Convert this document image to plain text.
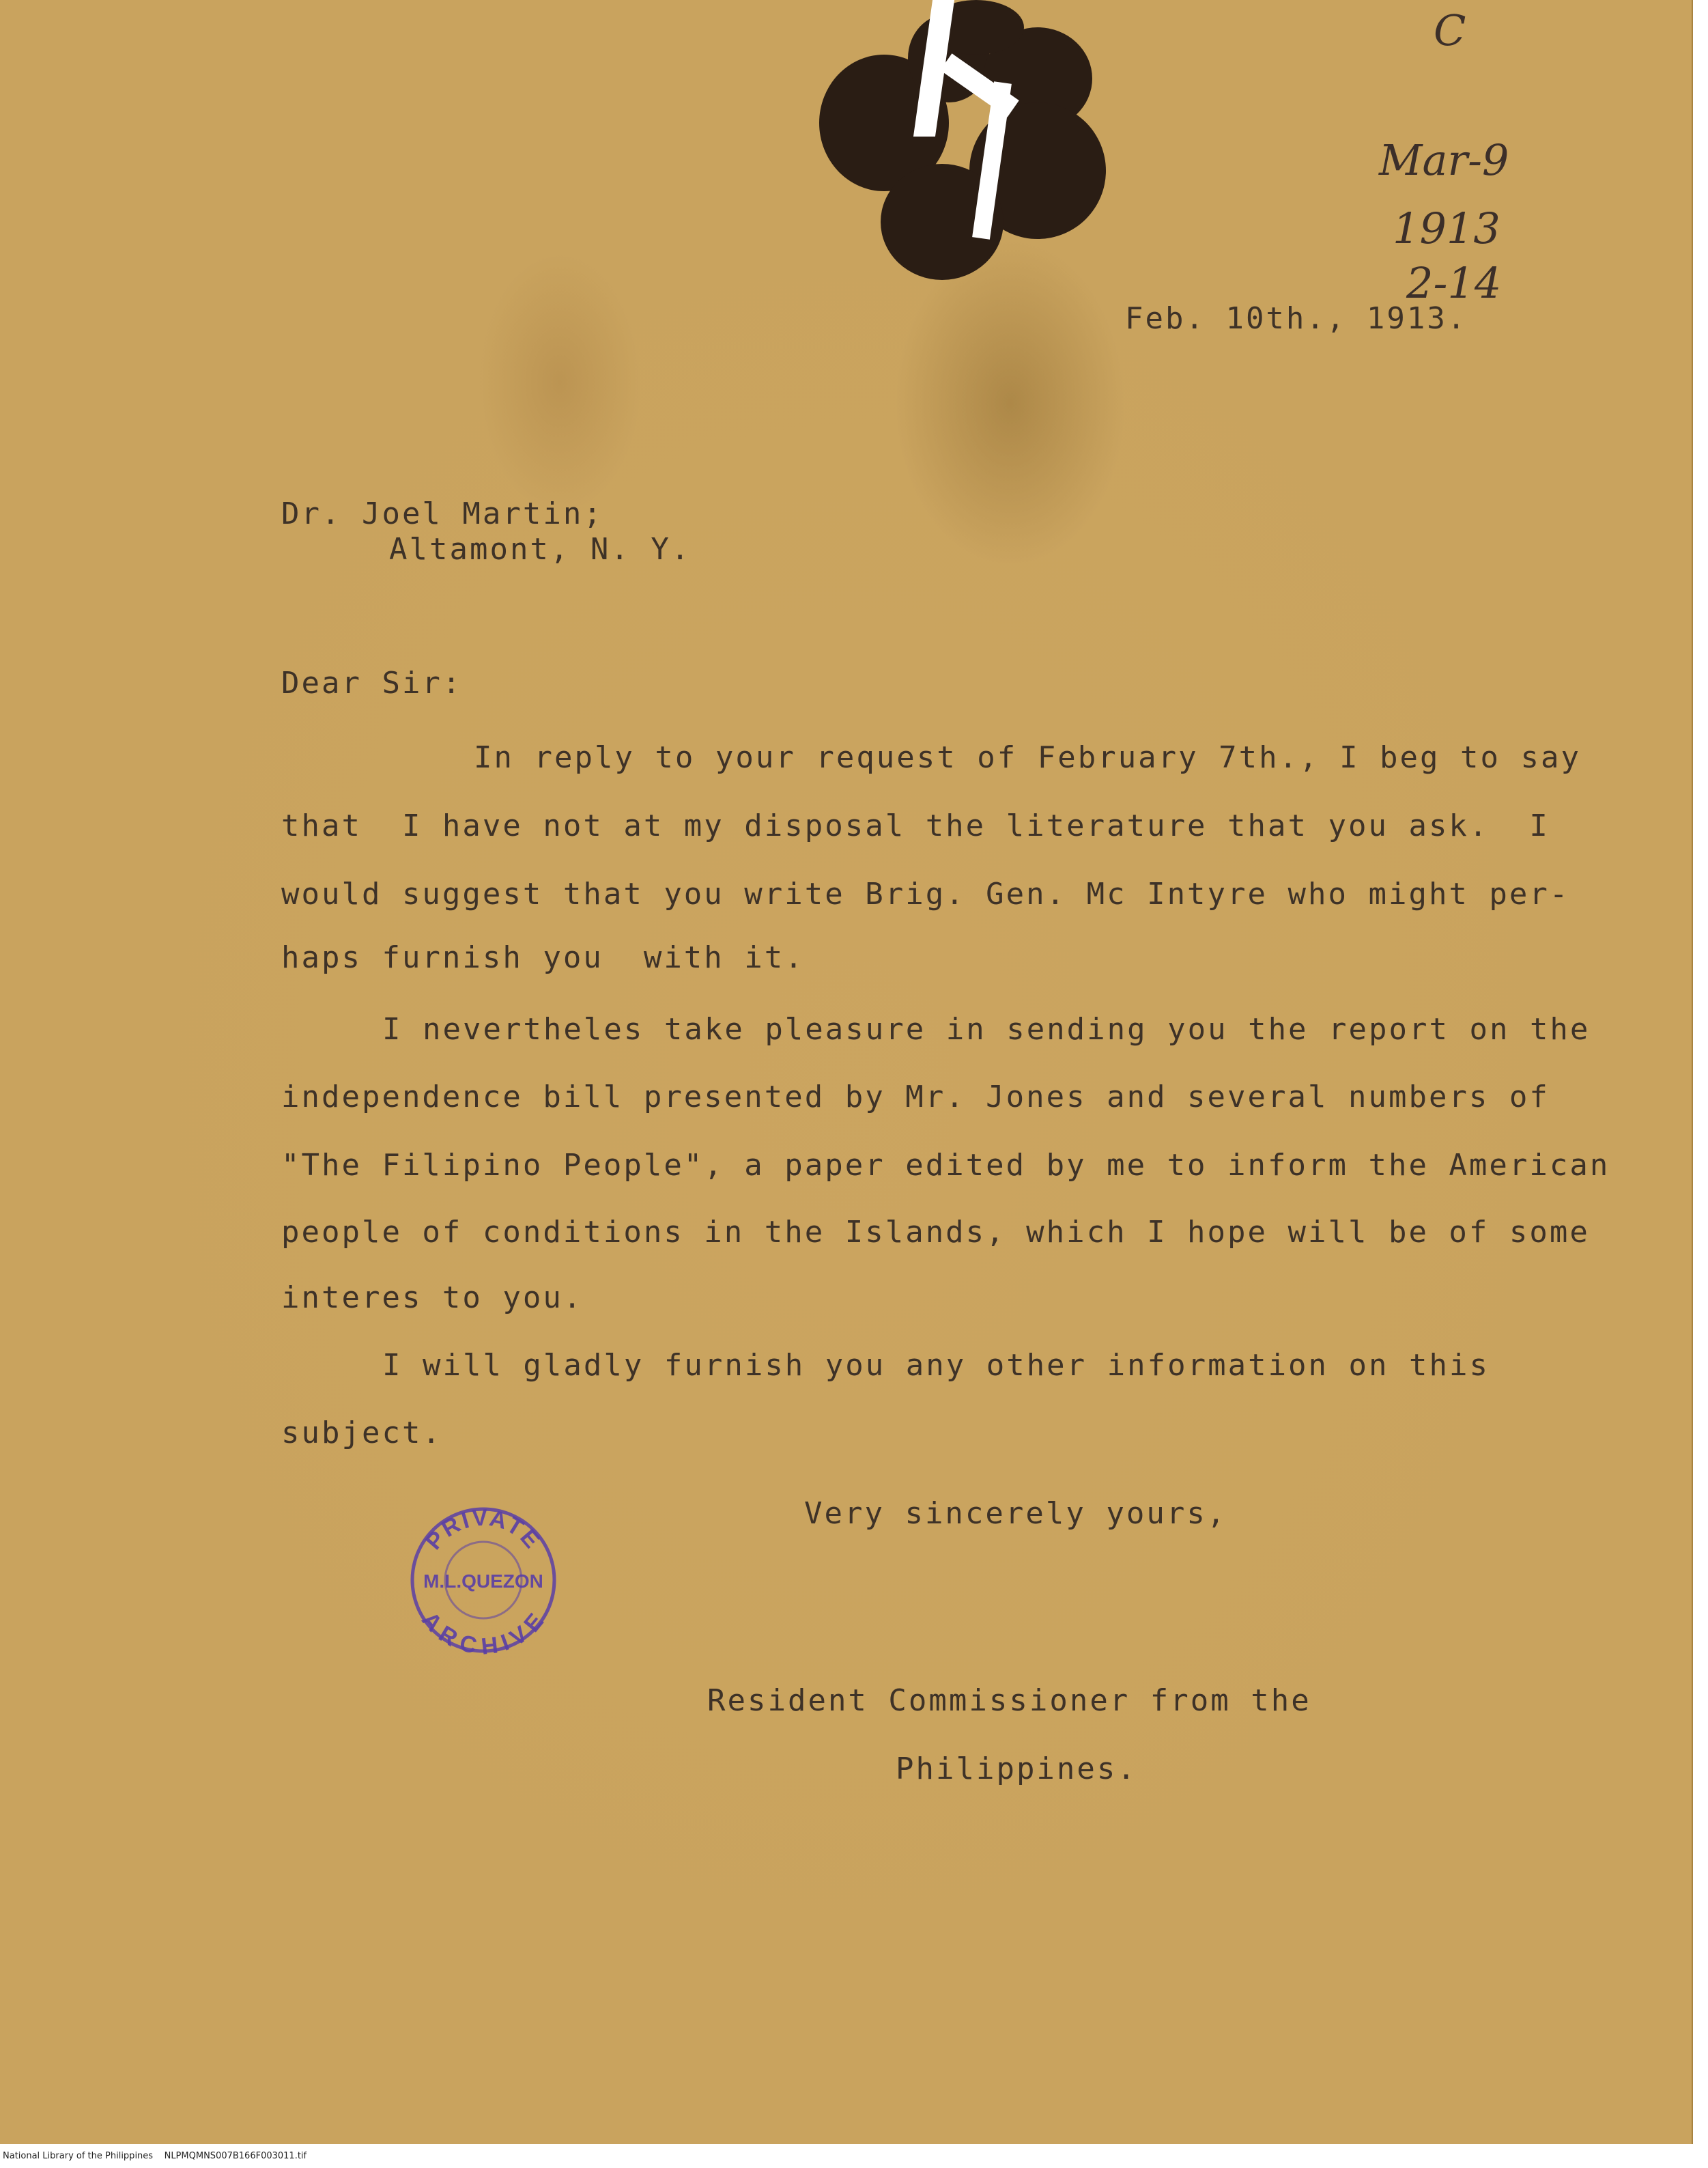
C
Mar-9
1913
2-14
Feb. 10th., 1913.
Dr. Joel Martin;
Altamont, N. Y.
Dear Sir:
In reply to your request of February 7th., I beg to say
that  I have not at my disposal the literature that you ask.  I
would suggest that you write Brig. Gen. Mc Intyre who might per-
haps furnish you  with it.
I nevertheles take pleasure in sending you the report on the
independence bill presented by Mr. Jones and several numbers of
"The Filipino People", a paper edited by me to inform the American
people of conditions in the Islands, which I hope will be of some
interes to you.
I will gladly furnish you any other information on this
subject.
Very sincerely yours,
PRIVATE
M.L.QUEZON
ARCHIVE
Resident Commissioner from the
Philippines.
National Library of the Philippines NLPMQMNS007B166F003011.tif
